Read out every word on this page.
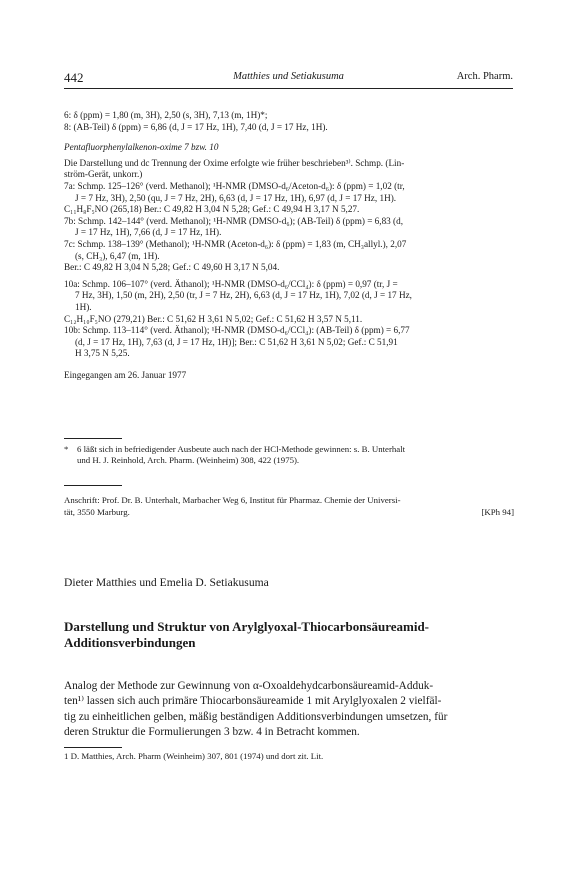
442	Matthies und Setiakusuma	Arch. Pharm.

6: δ (ppm) = 1,80 (m, 3H), 2,50 (s, 3H), 7,13 (m, 1H)*;

8: (AB-Teil) δ (ppm) = 6,86 (d, J = 17 Hz, 1H), 7,40 (d, J = 17 Hz, 1H).

Pentafluorphenylalkenon-oxime 7 bzw. 10

Die Darstellung und dc Trennung der Oxime erfolgte wie früher beschrieben³⁾. Schmp. (Lin-

ström-Gerät, unkorr.)

7a: Schmp. 125–126° (verd. Methanol); ¹H-NMR (DMSO-d₆/Aceton-d₆): δ (ppm) = 1,02 (tr,

J = 7 Hz, 3H), 2,50 (qu, J = 7 Hz, 2H), 6,63 (d, J = 17 Hz, 1H), 6,97 (d, J = 17 Hz, 1H).

C₁₁H₈F₅NO (265,18) Ber.: C 49,82 H 3,04 N 5,28; Gef.: C 49,94 H 3,17 N 5,27.

7b: Schmp. 142–144° (verd. Methanol); ¹H-NMR (DMSO-d₆); (AB-Teil) δ (ppm) = 6,83 (d,

J = 17 Hz, 1H), 7,66 (d, J = 17 Hz, 1H).

7c: Schmp. 138–139° (Methanol); ¹H-NMR (Aceton-d₆): δ (ppm) = 1,83 (m, CH₃allyl.), 2,07

(s, CH₃), 6,47 (m, 1H).

Ber.: C 49,82 H 3,04 N 5,28; Gef.: C 49,60 H 3,17 N 5,04.

10a: Schmp. 106–107° (verd. Äthanol); ¹H-NMR (DMSO-d₆/CCl₄): δ (ppm) = 0,97 (tr, J =

7 Hz, 3H), 1,50 (m, 2H), 2,50 (tr, J = 7 Hz, 2H), 6,63 (d, J = 17 Hz, 1H), 7,02 (d, J = 17 Hz,

1H).

C₁₂H₁₀F₅NO (279,21) Ber.: C 51,62 H 3,61 N 5,02; Gef.: C 51,62 H 3,57 N 5,11.

10b: Schmp. 113–114° (verd. Äthanol); ¹H-NMR (DMSO-d₆/CCl₄): (AB-Teil) δ (ppm) = 6,77

(d, J = 17 Hz, 1H), 7,63 (d, J = 17 Hz, 1H)]; Ber.: C 51,62 H 3,61 N 5,02; Gef.: C 51,91

H 3,75 N 5,25.

Eingegangen am 26. Januar 1977

* 6 läßt sich in befriedigender Ausbeute auch nach der HCl-Methode gewinnen: s. B. Unterhalt
und H. J. Reinhold, Arch. Pharm. (Weinheim) 308, 422 (1975).
Anschrift: Prof. Dr. B. Unterhalt, Marbacher Weg 6, Institut für Pharmaz. Chemie der Universi-
tät, 3550 Marburg.	[KPh 94]
Dieter Matthies und Emelia D. Setiakusuma
Darstellung und Struktur von Arylglyoxal-Thiocarbonsäureamid-
Additionsverbindungen
Analog der Methode zur Gewinnung von α-Oxoaldehydcarbonsäureamid-Adduk-
ten¹⁾ lassen sich auch primäre Thiocarbonsäureamide 1 mit Arylglyoxalen 2 vielfäl-
tig zu einheitlichen gelben, mäßig beständigen Additionsverbindungen umsetzen, für
deren Struktur die Formulierungen 3 bzw. 4 in Betracht kommen.
1 D. Matthies, Arch. Pharm (Weinheim) 307, 801 (1974) und dort zit. Lit.
